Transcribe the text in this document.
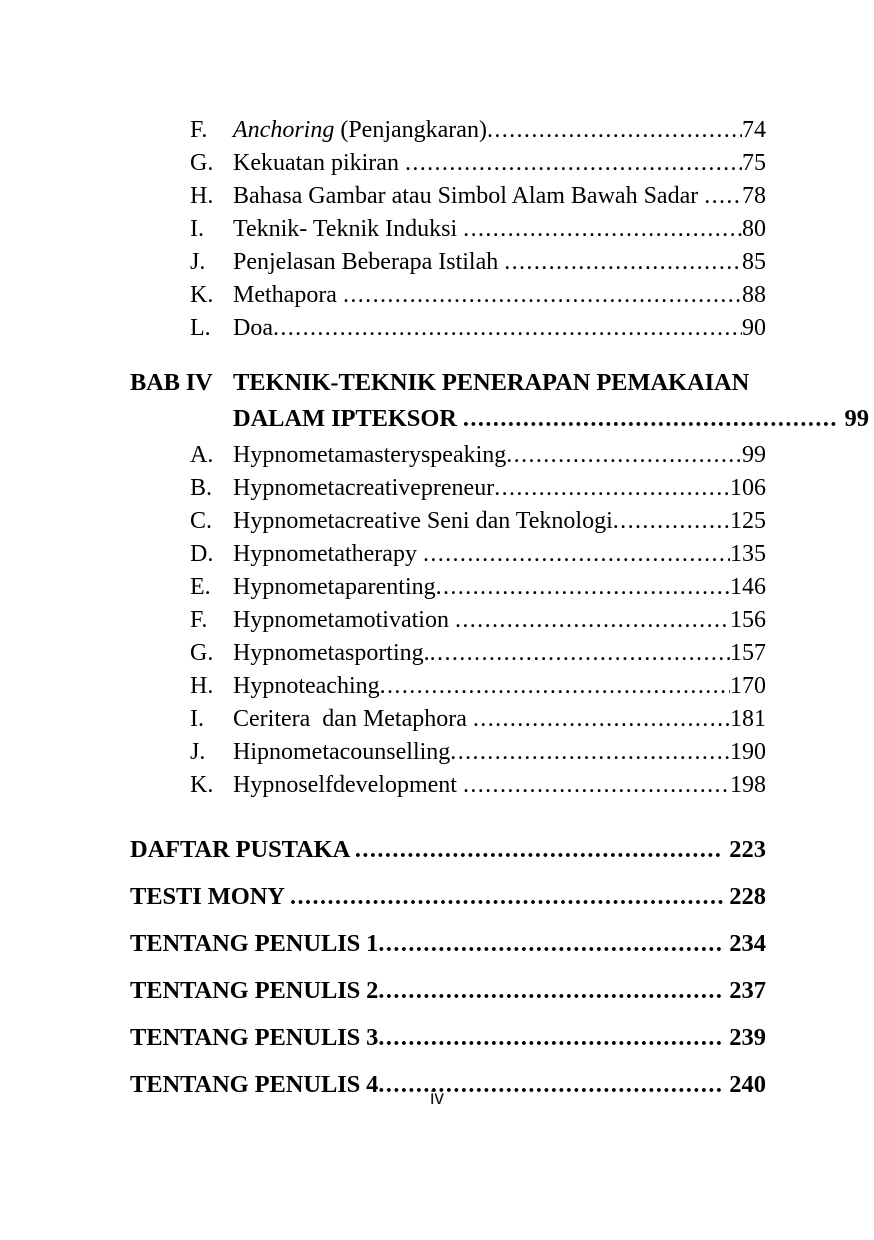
F.	Anchoring (Penjangkaran) .....	74
G. Kekuatan pikiran .....	75
H. Bahasa Gambar atau Simbol Alam Bawah Sadar ..... 78
I.	Teknik- Teknik Induksi .....	80
J.	Penjelasan Beberapa Istilah .....	85
K. Methapora .....	88
L. Doa .....	90
BAB IV TEKNIK-TEKNIK PENERAPAN PEMAKAIAN
DALAM IPTEKSOR .....	99
A. Hypnometamasteryspeaking .....	99
B. Hypnometacreativepreneur .....	106
C. Hypnometacreative Seni dan Teknologi .....	125
D. Hypnometatherapy .....	135
E. Hypnometaparenting .....	146
F.	Hypnometamotivation .....	156
G. Hypnometasporting. .....	157
H. Hypnoteaching .....	170
I.	Ceritera  dan Metaphora .....	181
J.	Hipnometacounselling .....	190
K. Hypnoselfdevelopment .....	198
DAFTAR PUSTAKA .....	223
TESTI MONY .....	228
TENTANG PENULIS 1 .....	234
TENTANG PENULIS 2 .....	237
TENTANG PENULIS 3 .....	239
TENTANG PENULIS 4 .....	240
iv
